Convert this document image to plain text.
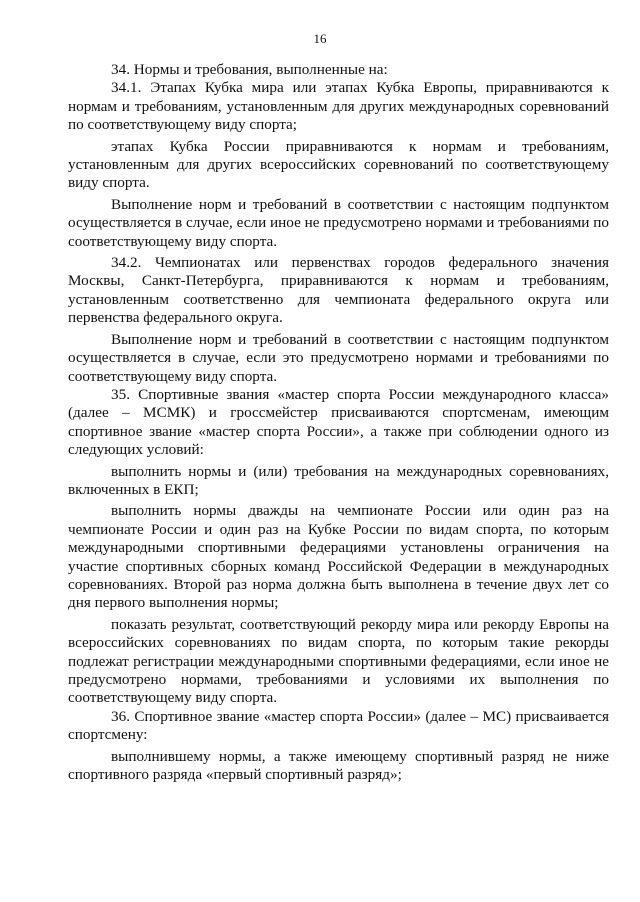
16

34. Нормы и требования, выполненные на:

34.1. Этапах Кубка мира или этапах Кубка Европы, приравниваются к нормам и требованиям, установленным для других международных соревнований по соответствующему виду спорта;

этапах Кубка России приравниваются к нормам и требованиям, установленным для других всероссийских соревнований по соответствующему виду спорта.

Выполнение норм и требований в соответствии с настоящим подпунктом осуществляется в случае, если иное не предусмотрено нормами и требованиями по соответствующему виду спорта.

34.2. Чемпионатах или первенствах городов федерального значения Москвы, Санкт-Петербурга, приравниваются к нормам и требованиям, установленным соответственно для чемпионата федерального округа или первенства федерального округа.

Выполнение норм и требований в соответствии с настоящим подпунктом осуществляется в случае, если это предусмотрено нормами и требованиями по соответствующему виду спорта.

35. Спортивные звания «мастер спорта России международного класса» (далее – МСМК) и гроссмейстер присваиваются спортсменам, имеющим спортивное звание «мастер спорта России», а также при соблюдении одного из следующих условий:

выполнить нормы и (или) требования на международных соревнованиях, включенных в ЕКП;

выполнить нормы дважды на чемпионате России или один раз на чемпионате России и один раз на Кубке России по видам спорта, по которым международными спортивными федерациями установлены ограничения на участие спортивных сборных команд Российской Федерации в международных соревнованиях. Второй раз норма должна быть выполнена в течение двух лет со дня первого выполнения нормы;

показать результат, соответствующий рекорду мира или рекорду Европы на всероссийских соревнованиях по видам спорта, по которым такие рекорды подлежат регистрации международными спортивными федерациями, если иное не предусмотрено нормами, требованиями и условиями их выполнения по соответствующему виду спорта.

36. Спортивное звание «мастер спорта России» (далее – МС) присваивается спортсмену:

выполнившему нормы, а также имеющему спортивный разряд не ниже спортивного разряда «первый спортивный разряд»;
